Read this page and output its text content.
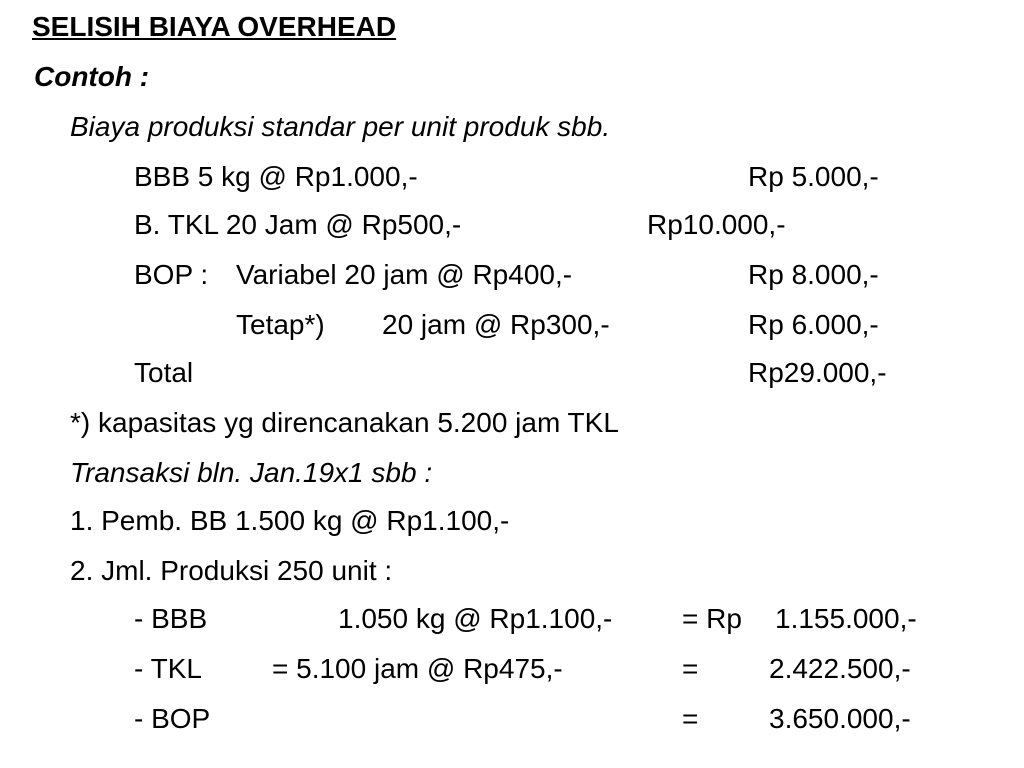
SELISIH BIAYA OVERHEAD
Contoh :
Biaya produksi standar per unit produk sbb.
BBB 5 kg @ Rp1.000,-	Rp 5.000,-
B. TKL 20 Jam @ Rp500,-	Rp10.000,-
BOP : Variabel 20 jam @ Rp400,-	Rp 8.000,-
Tetap*) 20 jam @ Rp300,-	Rp 6.000,-
Total	Rp29.000,-
*) kapasitas yg direncanakan 5.200 jam TKL
Transaksi bln. Jan.19x1 sbb :
1. Pemb. BB 1.500 kg @ Rp1.100,-
2. Jml. Produksi 250 unit :
- BBB	1.050 kg @ Rp1.100,- = Rp 1.155.000,-
- TKL	= 5.100 jam @ Rp475,-	=	2.422.500,-
- BOP	=	3.650.000,-
